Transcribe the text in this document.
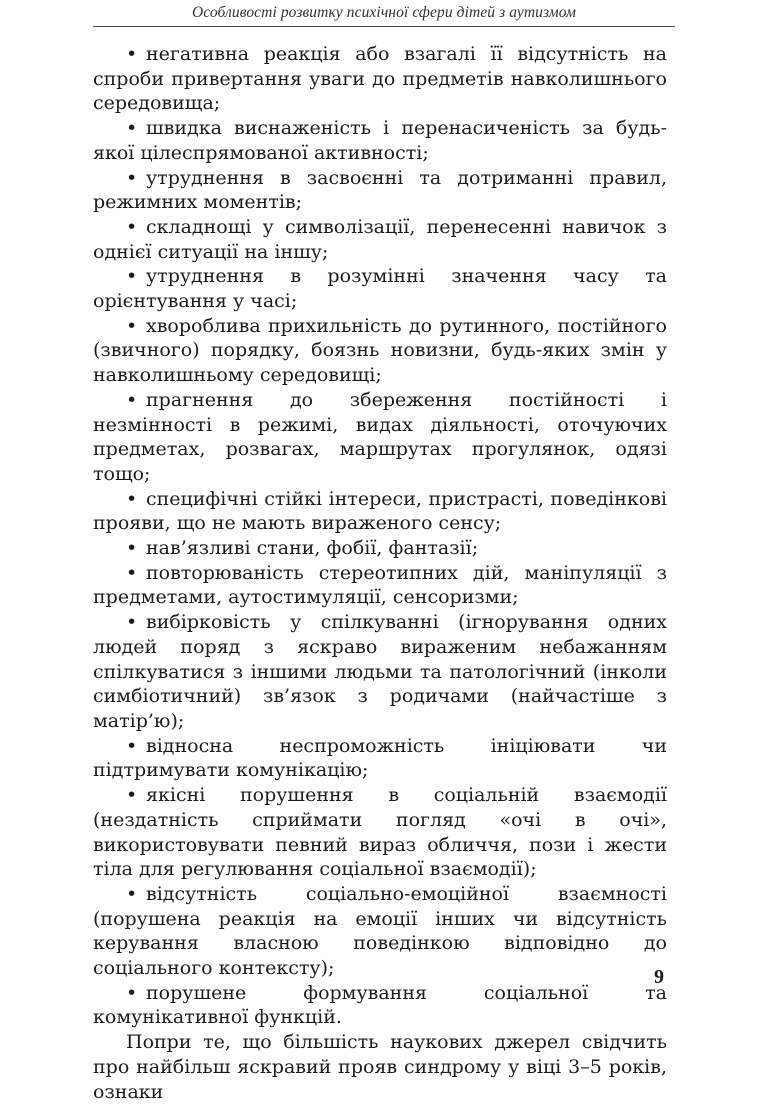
Особливості розвитку психічної сфери дітей з аутизмом

• негативна реакція або взагалі її відсутність на спроби привертання уваги до предметів навколишнього середовища;

• швидка виснаженість і перенасиченість за будь-якої цілеспрямованої активності;

• утруднення в засвоєнні та дотриманні правил, режимних моментів;

• складнощі у символізації, перенесенні навичок з однієї ситуації на іншу;

• утруднення в розумінні значення часу та орієнтування у часі;

• хвороблива прихильність до рутинного, постійного (звичного) порядку, боязнь новизни, будь-яких змін у навколишньому середовищі;

• прагнення до збереження постійності і незмінності в режимі, видах діяльності, оточуючих предметах, розвагах, маршрутах прогулянок, одязі тощо;

• специфічні стійкі інтереси, пристрасті, поведінкові прояви, що не мають вираженого сенсу;

• нав’язливі стани, фобії, фантазії;

• повторюваність стереотипних дій, маніпуляції з предметами, аутостимуляції, сенсоризми;

• вибірковість у спілкуванні (ігнорування одних людей поряд з яскраво вираженим небажанням спілкуватися з іншими людьми та патологічний (інколи симбіотичний) зв’язок з родичами (найчастіше з матір’ю);

• відносна неспроможність ініціювати чи підтримувати комунікацію;

• якісні порушення в соціальній взаємодії (нездатність сприймати погляд «очі в очі», використовувати певний вираз обличчя, пози і жести тіла для регулювання соціальної взаємодії);

• відсутність соціально-емоційної взаємності (порушена реакція на емоції інших чи відсутність керування власною поведінкою відповідно до соціального контексту);

• порушене формування соціальної та комунікативної функцій.

Попри те, що більшість наукових джерел свідчить про найбільш яскравий прояв синдрому у віці 3–5 років, ознаки

9
